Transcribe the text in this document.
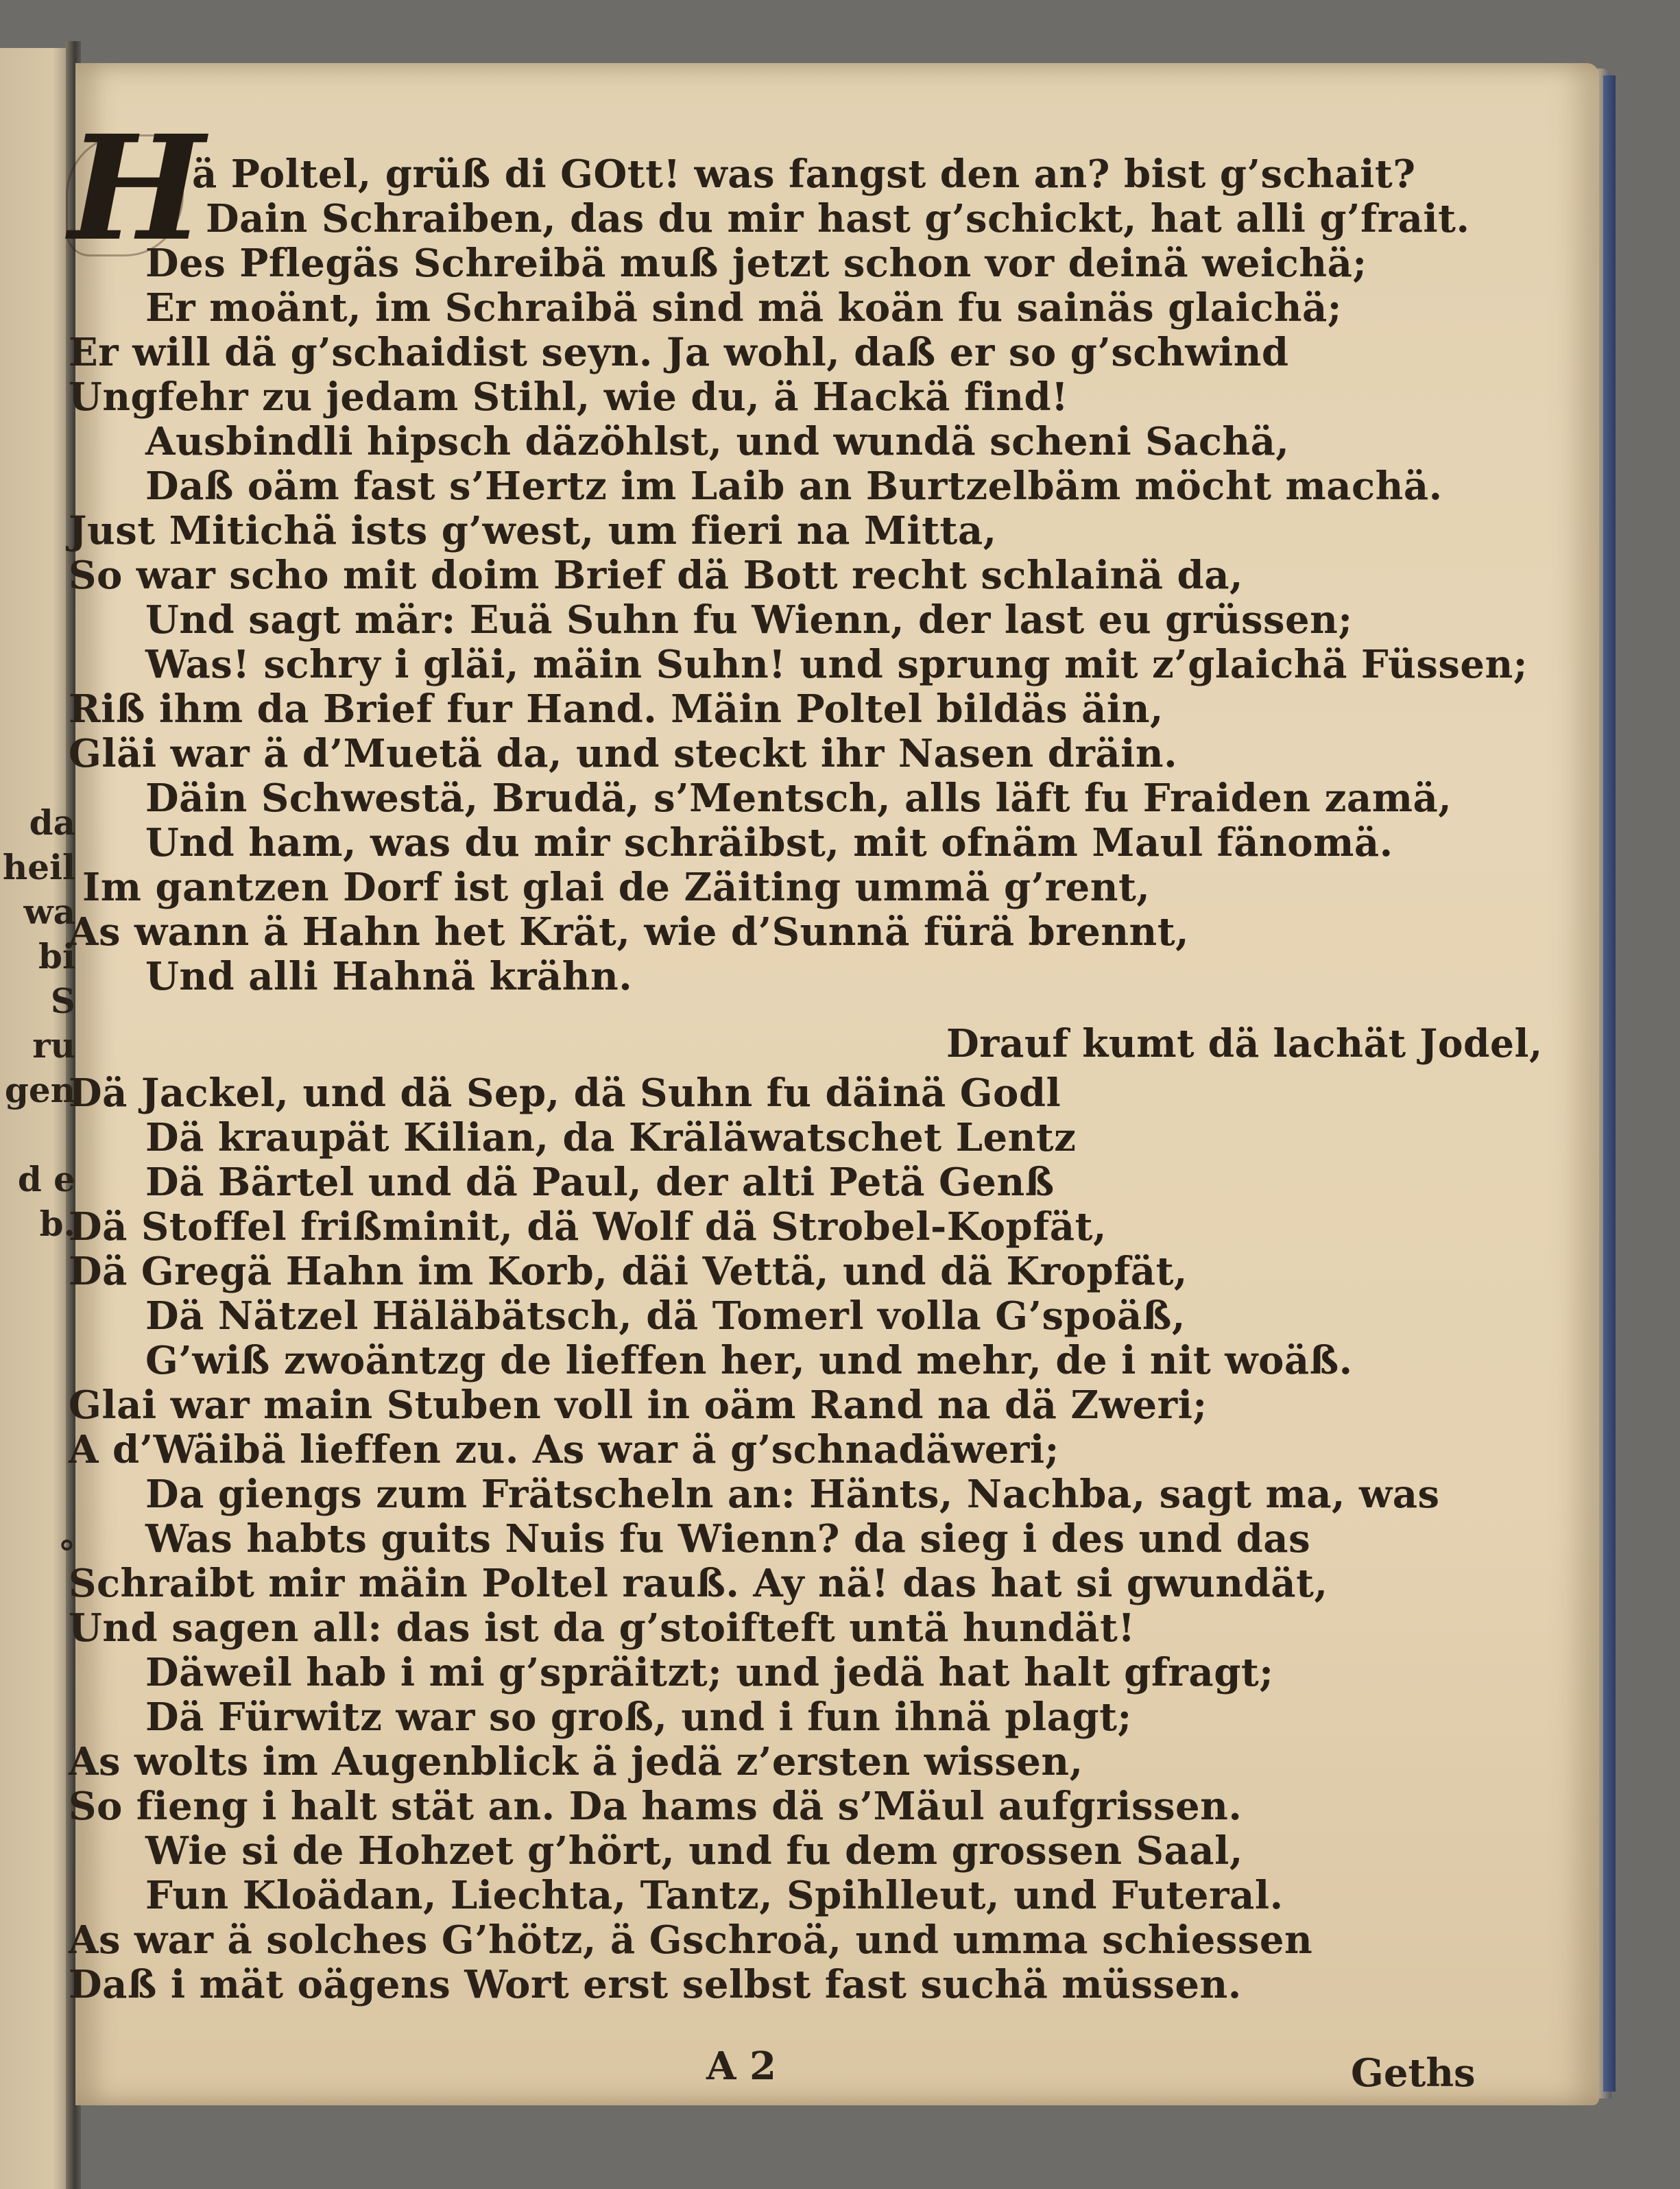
da
heil
wa
bi
S
ru
gen
d e
b.
°
H
ä Poltel, grüß di GOtt! was fangst den an? bist g’schait?
Dain Schraiben, das du mir hast g’schickt, hat alli g’frait.
Des Pflegäs Schreibä muß jetzt schon vor deinä weichä;
Er moänt, im Schraibä sind mä koän fu sainäs glaichä;
Er will dä g’schaidist seyn. Ja wohl, daß er so g’schwind
Ungfehr zu jedam Stihl, wie du, ä Hackä find!
Ausbindli hipsch däzöhlst, und wundä scheni Sachä,
Daß oäm fast s’Hertz im Laib an Burtzelbäm möcht machä.
Just Mitichä ists g’west, um fieri na Mitta,
So war scho mit doim Brief dä Bott recht schlainä da,
Und sagt mär: Euä Suhn fu Wienn, der last eu grüssen;
Was! schry i gläi, mäin Suhn! und sprung mit z’glaichä Füssen;
Riß ihm da Brief fur Hand. Mäin Poltel bildäs äin,
Gläi war ä d’Muetä da, und steckt ihr Nasen dräin.
Däin Schwestä, Brudä, s’Mentsch, alls läft fu Fraiden zamä,
Und ham, was du mir schräibst, mit ofnäm Maul fänomä.
Im gantzen Dorf ist glai de Zäiting ummä g’rent,
As wann ä Hahn het Krät, wie d’Sunnä fürä brennt,
Und alli Hahnä krähn.
Drauf kumt dä lachät Jodel,
Dä Jackel, und dä Sep, dä Suhn fu däinä Godl
Dä kraupät Kilian, da Kräläwatschet Lentz
Dä Bärtel und dä Paul, der alti Petä Genß
Dä Stoffel frißminit, dä Wolf dä Strobel-Kopfät,
Dä Gregä Hahn im Korb, däi Vettä, und dä Kropfät,
Dä Nätzel Häläbätsch, dä Tomerl volla G’spoäß,
G’wiß zwoäntzg de lieffen her, und mehr, de i nit woäß.
Glai war main Stuben voll in oäm Rand na dä Zweri;
A d’Wäibä lieffen zu. As war ä g’schnadäweri;
Da giengs zum Frätscheln an: Hänts, Nachba, sagt ma, was
Was habts guits Nuis fu Wienn? da sieg i des und das
Schraibt mir mäin Poltel rauß. Ay nä! das hat si gwundät,
Und sagen all: das ist da g’stoifteft untä hundät!
Däweil hab i mi g’spräitzt; und jedä hat halt gfragt;
Dä Fürwitz war so groß, und i fun ihnä plagt;
As wolts im Augenblick ä jedä z’ersten wissen,
So fieng i halt stät an. Da hams dä s’Mäul aufgrissen.
Wie si de Hohzet g’hört, und fu dem grossen Saal,
Fun Kloädan, Liechta, Tantz, Spihlleut, und Futeral.
As war ä solches G’hötz, ä Gschroä, und umma schiessen
Daß i mät oägens Wort erst selbst fast suchä müssen.
A 2	Geths
